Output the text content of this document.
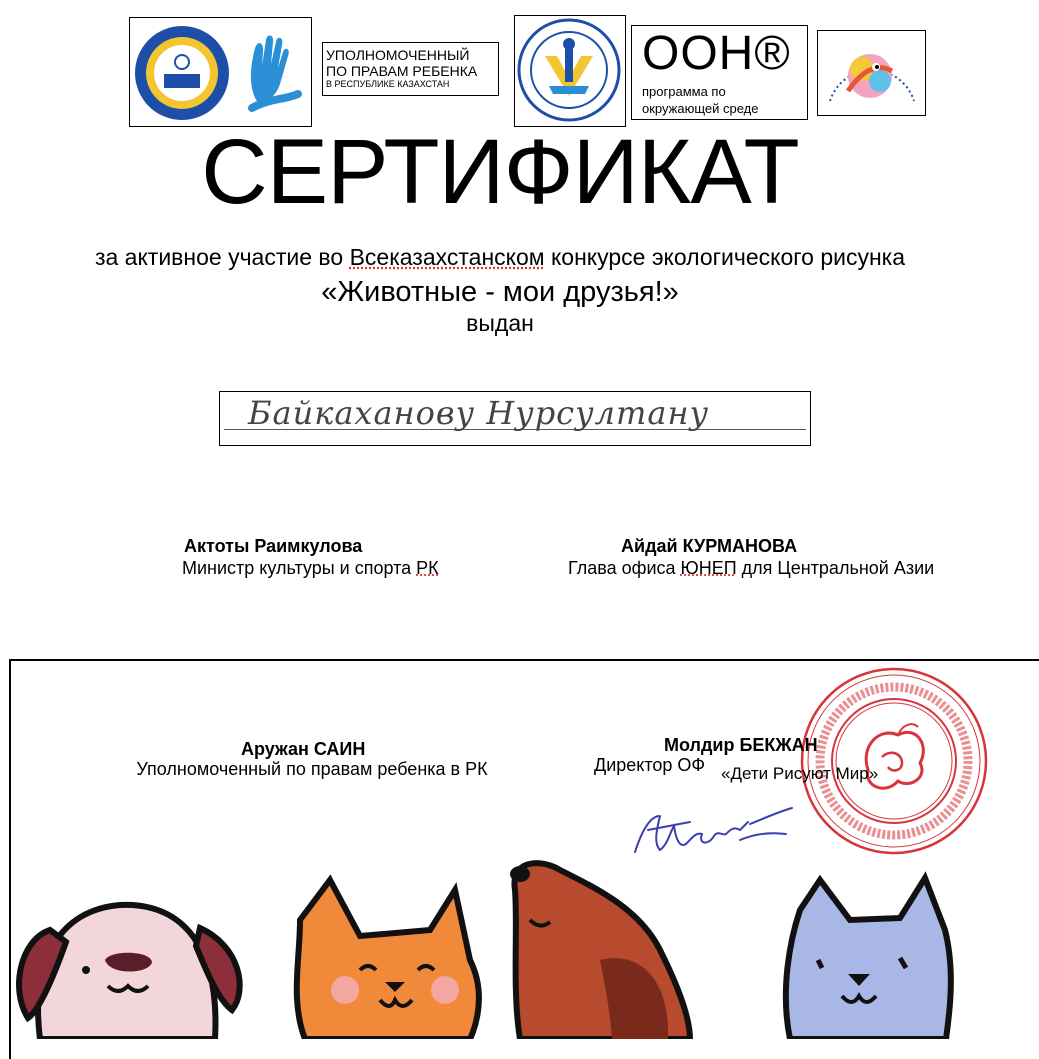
УПОЛНОМОЧЕННЫЙ
ПО ПРАВАМ РЕБЕНКА
В РЕСПУБЛИКЕ КАЗАХСТАН
ООН®
программа по
окружающей среде
СЕРТИФИКАТ
за активное участие во Всеказахстанском конкурсе экологического рисунка
«Животные - мои друзья!»
выдан
Байкаханову Нурсултану
Актоты Раимкулова
Министр культуры и спорта РК
Айдай КУРМАНОВА
Глава офиса ЮНЕП для Центральной Азии
Аружан САИН
Уполномоченный по правам ребенка в РК
Молдир БЕКЖАН
Директор ОФ «Дети Рисуют Мир»
